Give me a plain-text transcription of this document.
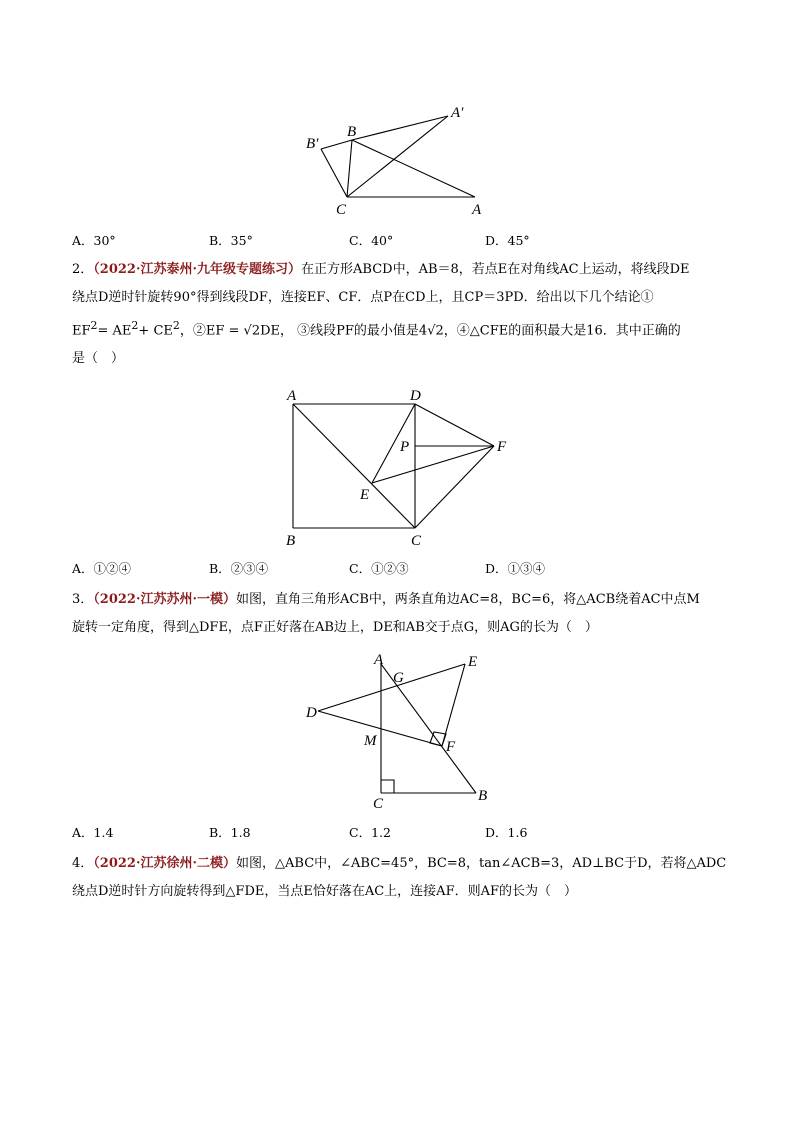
B′
B
A′
C	A
A．30°	B．35°	C．40°	D．45°
2．（2022·江苏泰州·九年级专题练习）在正方形ABCD中，AB＝8，若点E在对角线AC上运动，将线段DE
绕点D逆时针旋转90°得到线段DF，连接EF、CF．点P在CD上，且CP＝3PD．给出以下几个结论①
$EF^2= AE^2+ CE^2$，②EF = √2DE， ③线段PF的最小值是4√2，④△CFE的面积最大是16．其中正确的
是（　）
A	D
P	F
E
B	C
A．①②④	B．②③④	C．①②③	D．①③④
3．（2022·江苏苏州·一模）如图，直角三角形ACB中，两条直角边AC=8，BC=6，将△ACB绕着AC中点M
旋转一定角度，得到△DFE，点F正好落在AB边上，DE和AB交于点G，则AG的长为（　）
A
G
E
D
M	F
C	B
A．1.4	B．1.8	C．1.2	D．1.6
4．（2022·江苏徐州·二模）如图，△ABC中，∠ABC=45°，BC=8，tan∠ACB=3，AD⊥BC于D，若将△ADC
绕点D逆时针方向旋转得到△FDE，当点E恰好落在AC上，连接AF．则AF的长为（　）
